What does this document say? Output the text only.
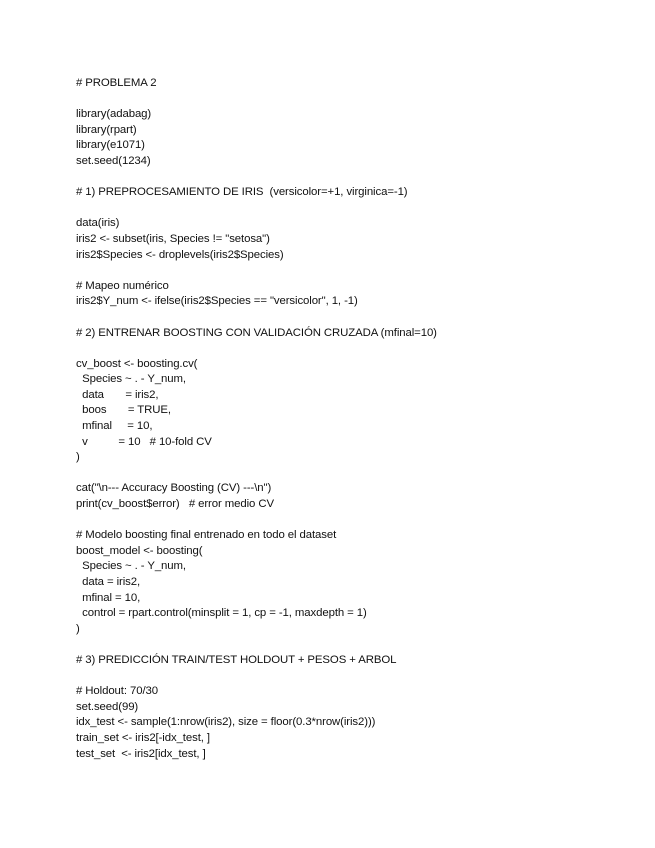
# PROBLEMA 2
library(adabag)
library(rpart)
library(e1071)
set.seed(1234)
# 1) PREPROCESAMIENTO DE IRIS  (versicolor=+1, virginica=-1)
data(iris)
iris2 <- subset(iris, Species != "setosa")
iris2$Species <- droplevels(iris2$Species)
# Mapeo numérico
iris2$Y_num <- ifelse(iris2$Species == "versicolor", 1, -1)
# 2) ENTRENAR BOOSTING CON VALIDACIÓN CRUZADA (mfinal=10)
cv_boost <- boosting.cv(
Species ~ . - Y_num,
data       = iris2,
boos       = TRUE,
mfinal     = 10,
v          = 10   # 10-fold CV
)
cat("\n--- Accuracy Boosting (CV) ---\n")
print(cv_boost$error)   # error medio CV
# Modelo boosting final entrenado en todo el dataset
boost_model <- boosting(
Species ~ . - Y_num,
data = iris2,
mfinal = 10,
control = rpart.control(minsplit = 1, cp = -1, maxdepth = 1)
)
# 3) PREDICCIÓN TRAIN/TEST HOLDOUT + PESOS + ARBOL
# Holdout: 70/30
set.seed(99)
idx_test <- sample(1:nrow(iris2), size = floor(0.3*nrow(iris2)))
train_set <- iris2[-idx_test, ]
test_set  <- iris2[idx_test, ]
